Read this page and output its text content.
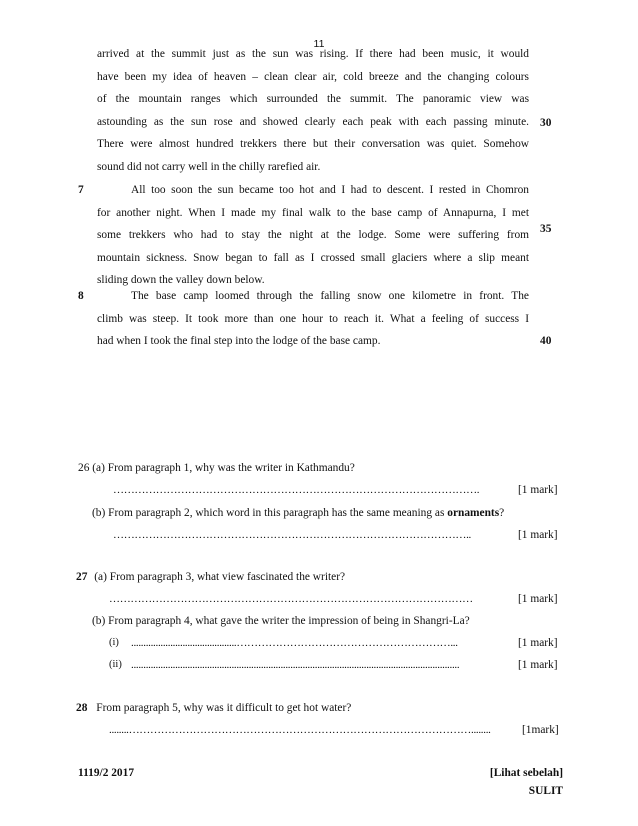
11
arrived at the summit just as the sun was rising. If there had been music, it would
have been my idea of heaven – clean clear air, cold breeze and the changing colours
of the mountain ranges which surrounded the summit. The panoramic view was
astounding as the sun rose and showed clearly each peak with each passing minute.
There were almost hundred trekkers there but their conversation was quiet. Somehow
sound did not carry well in the chilly rarefied air.
7	All too soon the sun became too hot and I had to descent. I rested in Chomron
for another night. When I made my final walk to the base camp of Annapurna, I met
some trekkers who had to stay the night at the lodge. Some were suffering from
mountain sickness. Snow began to fall as I crossed small glaciers where a slip meant
sliding down the valley down below.
8	The base camp loomed through the falling snow one kilometre in front. The
climb was steep. It took more than one hour to reach it. What a feeling of success I
had when I took the final step into the lodge of the base camp.
30
35
40
26 (a) From paragraph 1, why was the writer in Kathmandu?
………………………………………………………………………………………….	[1 mark]
(b) From paragraph 2, which word in this paragraph has the same meaning as ornaments?
………………………………………………………………………………………..	[1 mark]
27 (a) From paragraph 3, what view fascinated the writer?
…………………………………………………………………………………………	[1 mark]
(b) From paragraph 4, what gave the writer the impression of being in Shangri-La?
(i) ...........................................……………………………………………………...	[1 mark]
(ii) ......................................................................................................................................	[1 mark]
28 From paragraph 5, why was it difficult to get hot water?
........……………………………………………………………………………………........	[1mark]
1119/2 2017	[Lihat sebelah]
SULIT
